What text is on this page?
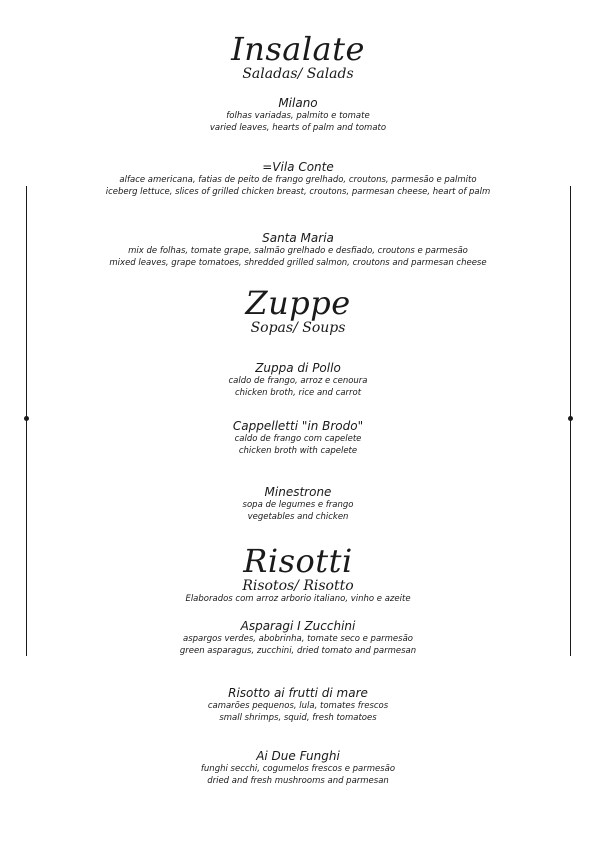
Insalate
Saladas/ Salads
Milano
folhas variadas, palmito e tomate
varied leaves, hearts of palm and tomato
=Vila Conte
alface americana, fatias de peito de frango grelhado, croutons, parmesão e palmito
iceberg lettuce, slices of grilled chicken breast, croutons, parmesan cheese, heart of palm
Santa Maria
mix de folhas, tomate grape, salmão grelhado e desfiado, croutons e parmesão
mixed leaves, grape tomatoes, shredded grilled salmon, croutons and parmesan cheese
Zuppe
Sopas/ Soups
Zuppa di Pollo
caldo de frango, arroz e cenoura
chicken broth, rice and carrot
Cappelletti "in Brodo"
caldo de frango com capelete
chicken broth with capelete
Minestrone
sopa de legumes e frango
vegetables and chicken
Risotti
Risotos/ Risotto
Elaborados com arroz arborio italiano, vinho e azeite
Asparagi I Zucchini
aspargos verdes, abobrinha, tomate seco e parmesão
green asparagus, zucchini, dried tomato and parmesan
Risotto ai frutti di mare
camarões pequenos, lula, tomates frescos
small shrimps, squid, fresh tomatoes
Ai Due Funghi
funghi secchi, cogumelos frescos e parmesão
dried and fresh mushrooms and parmesan
